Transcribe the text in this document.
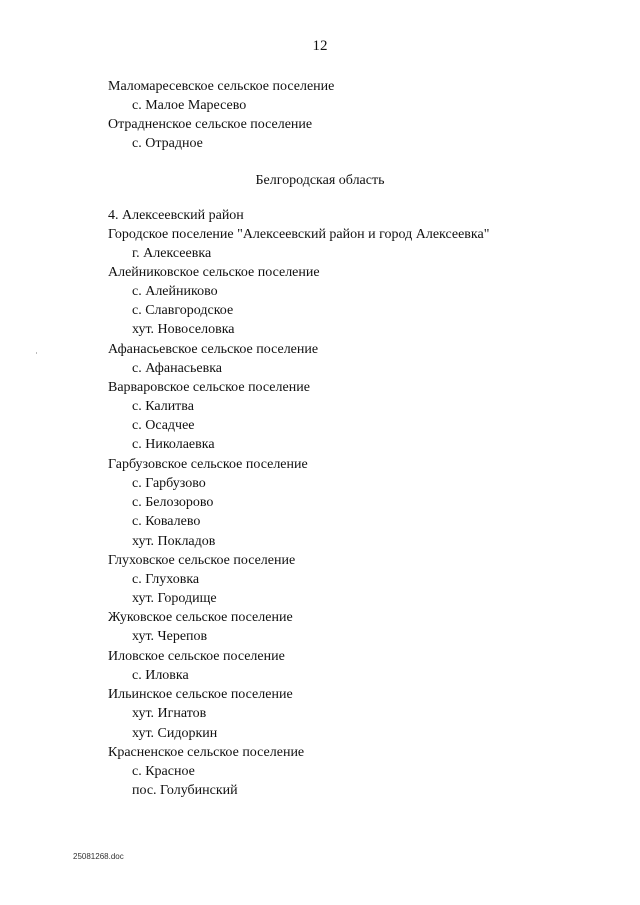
12
Маломаресевское сельское поселение
с. Малое Маресево
Отрадненское сельское поселение
с. Отрадное
Белгородская область
4. Алексеевский район
Городское поселение "Алексеевский район и город Алексеевка"
г. Алексеевка
Алейниковское сельское поселение
с. Алейниково
с. Славгородское
хут. Новоселовка
Афанасьевское сельское поселение
с. Афанасьевка
Варваровское сельское поселение
с. Калитва
с. Осадчее
с. Николаевка
Гарбузовское сельское поселение
с. Гарбузово
с. Белозорово
с. Ковалево
хут. Покладов
Глуховское сельское поселение
с. Глуховка
хут. Городище
Жуковское сельское поселение
хут. Черепов
Иловское сельское поселение
с. Иловка
Ильинское сельское поселение
хут. Игнатов
хут. Сидоркин
Красненское сельское поселение
с. Красное
пос. Голубинский
25081268.doc
